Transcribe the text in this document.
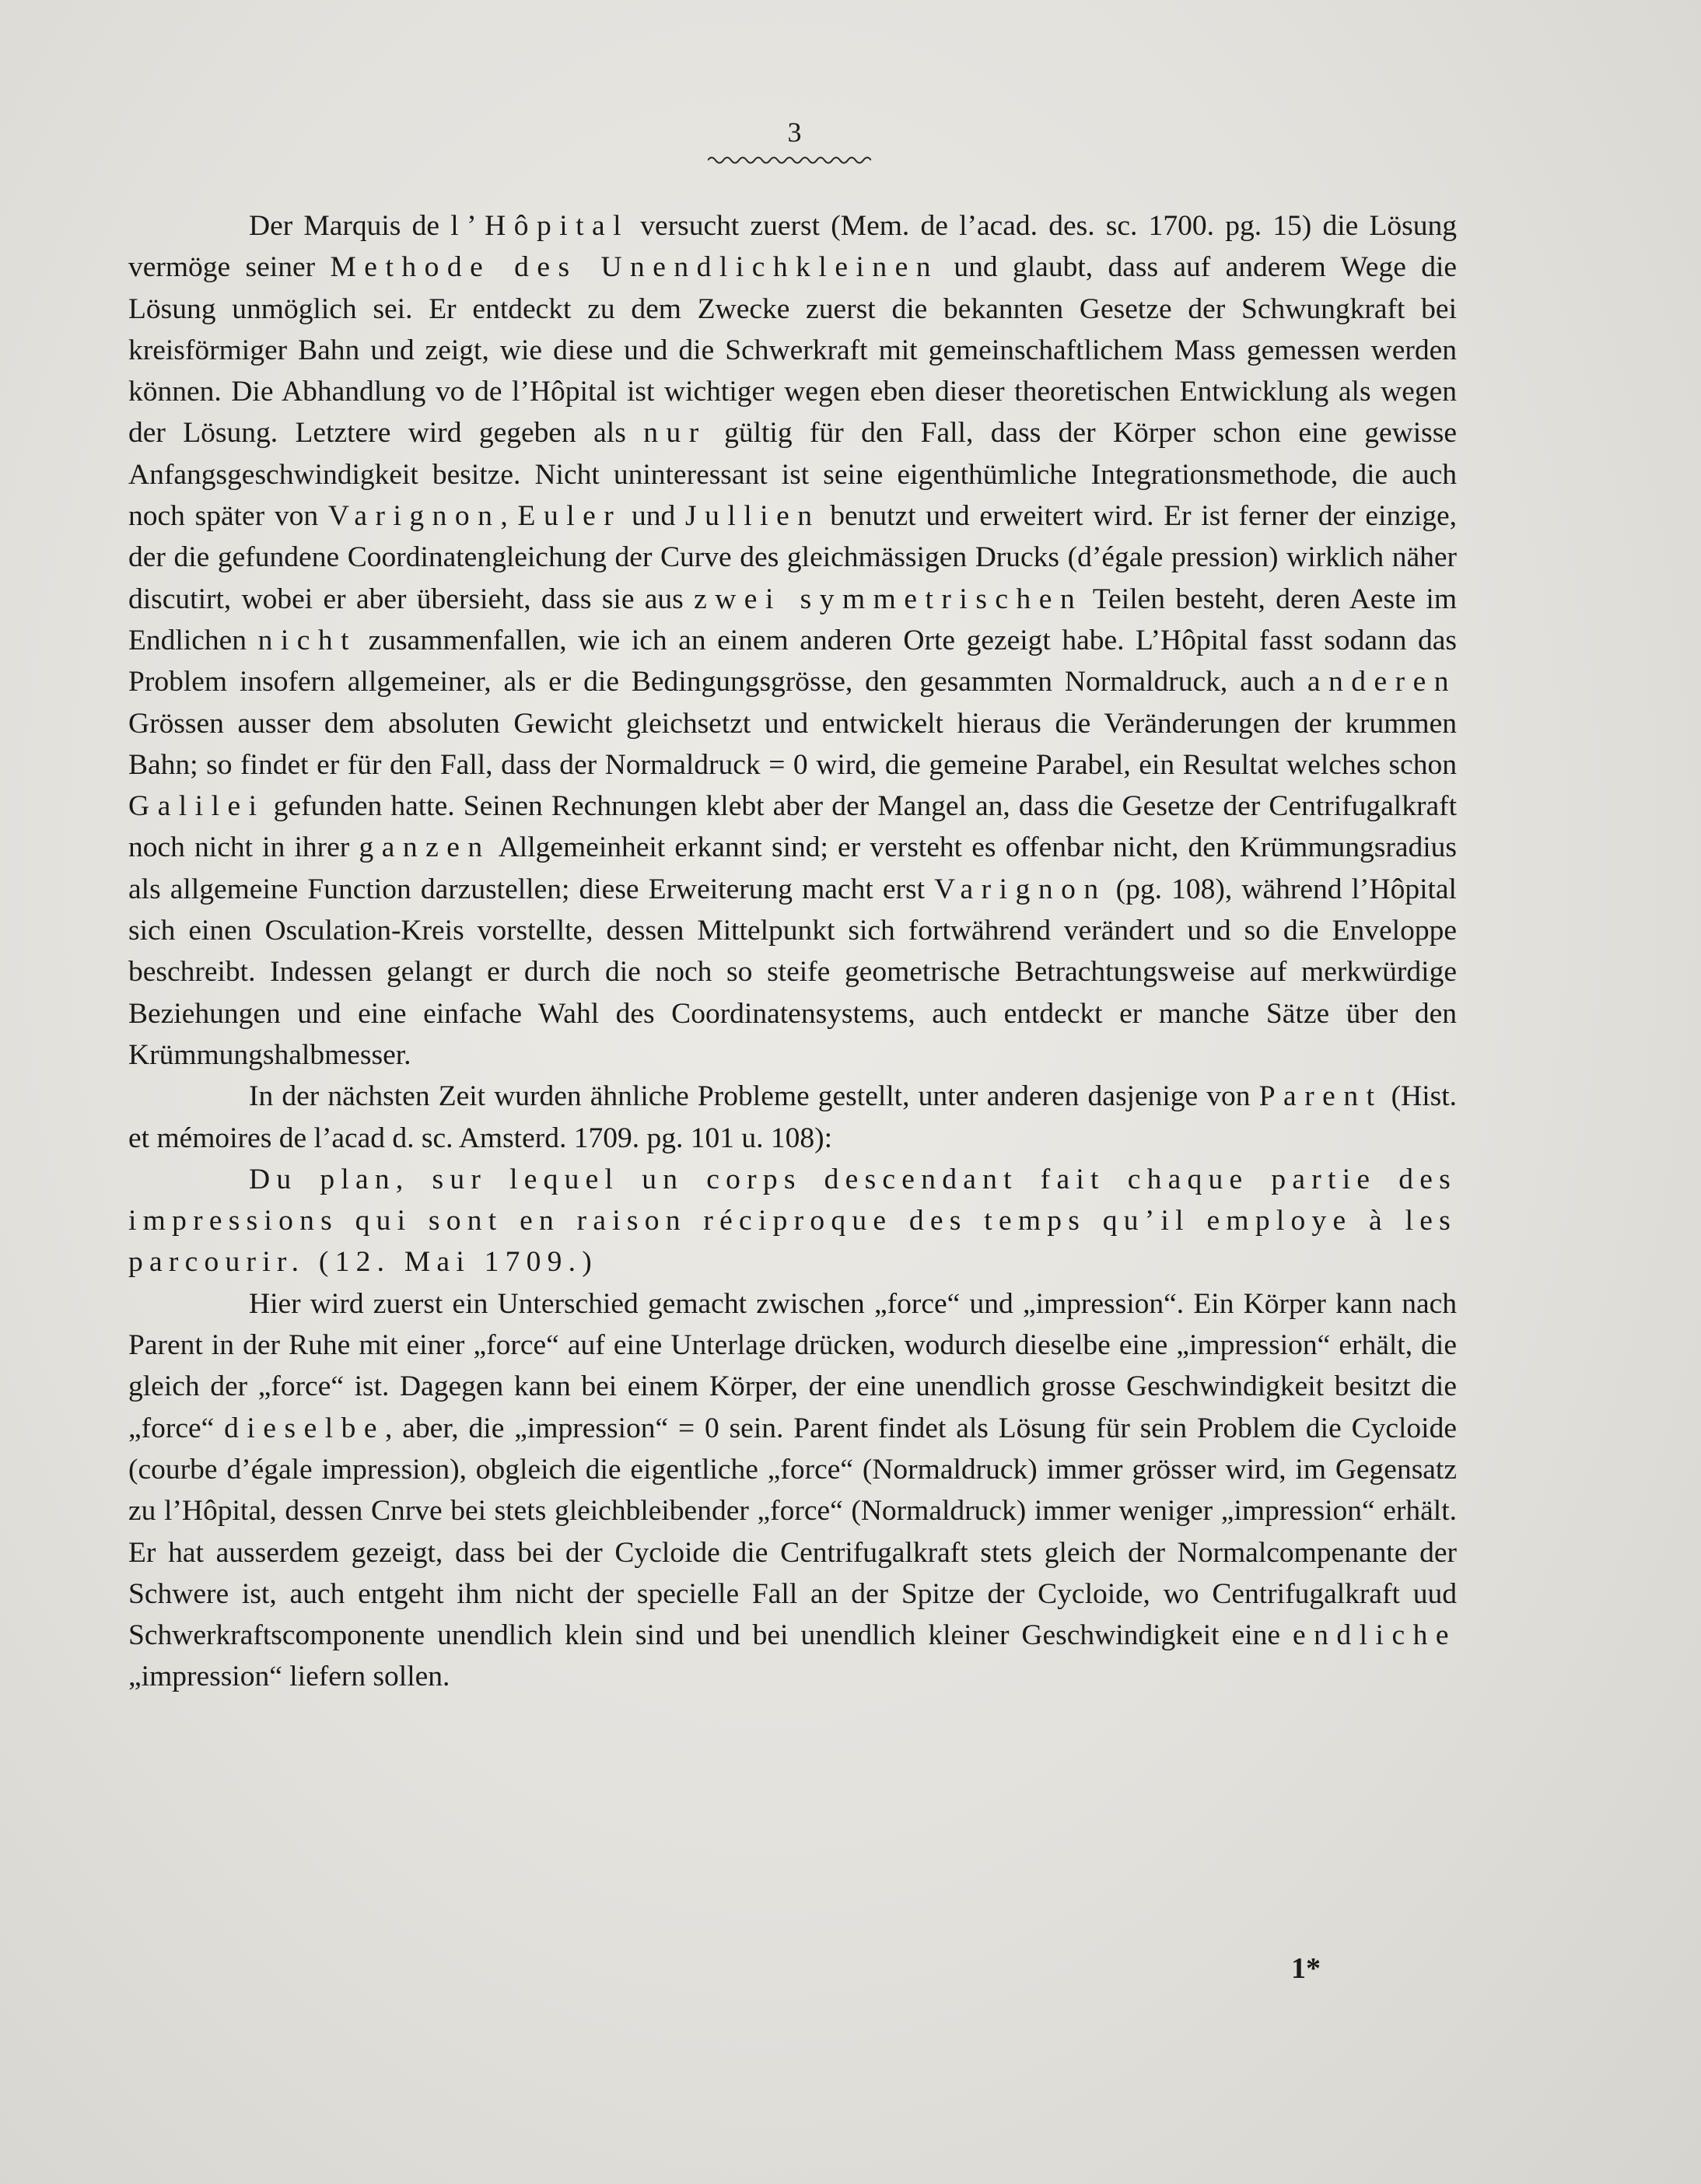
3

Der Marquis de l’Hôpital versucht zuerst (Mem. de l’acad. des. sc. 1700. pg. 15) die Lösung vermöge seiner Methode des Unendlichkleinen und glaubt, dass auf anderem Wege die Lösung unmöglich sei. Er entdeckt zu dem Zwecke zuerst die bekannten Gesetze der Schwungkraft bei kreisförmiger Bahn und zeigt, wie diese und die Schwerkraft mit gemeinschaftlichem Mass gemessen werden können. Die Abhandlung vo de l’Hôpital ist wichtiger wegen eben dieser theoretischen Entwicklung als wegen der Lösung. Letztere wird gegeben als nur gültig für den Fall, dass der Körper schon eine gewisse Anfangsgeschwindigkeit besitze. Nicht uninteressant ist seine eigenthümliche Integrationsmethode, die auch noch später von Varignon, Euler und Jullien benutzt und erweitert wird. Er ist ferner der einzige, der die gefundene Coordinatengleichung der Curve des gleichmässigen Drucks (d’égale pression) wirklich näher discutirt, wobei er aber übersieht, dass sie aus zwei symmetrischen Teilen besteht, deren Aeste im Endlichen nicht zusammenfallen, wie ich an einem anderen Orte gezeigt habe. L’Hôpital fasst sodann das Problem insofern allgemeiner, als er die Bedingungsgrösse, den gesammten Normaldruck, auch anderen Grössen ausser dem absoluten Gewicht gleichsetzt und entwickelt hieraus die Veränderungen der krummen Bahn; so findet er für den Fall, dass der Normaldruck = 0 wird, die gemeine Parabel, ein Resultat welches schon Galilei gefunden hatte. Seinen Rechnungen klebt aber der Mangel an, dass die Gesetze der Centrifugalkraft noch nicht in ihrer ganzen Allgemeinheit erkannt sind; er versteht es offenbar nicht, den Krümmungsradius als allgemeine Function darzustellen; diese Erweiterung macht erst Varignon (pg. 108), während l’Hôpital sich einen Osculation-Kreis vorstellte, dessen Mittelpunkt sich fortwährend verändert und so die Enveloppe beschreibt. Indessen gelangt er durch die noch so steife geometrische Betrachtungsweise auf merkwürdige Beziehungen und eine einfache Wahl des Coordinatensystems, auch entdeckt er manche Sätze über den Krümmungshalbmesser.

In der nächsten Zeit wurden ähnliche Probleme gestellt, unter anderen dasjenige von Parent (Hist. et mémoires de l’acad d. sc. Amsterd. 1709. pg. 101 u. 108):

Du plan, sur lequel un corps descendant fait chaque partie des impressions qui sont en raison réciproque des temps qu’il employe à les parcourir. (12. Mai 1709.)

Hier wird zuerst ein Unterschied gemacht zwischen „force“ und „impression“. Ein Körper kann nach Parent in der Ruhe mit einer „force“ auf eine Unterlage drücken, wodurch dieselbe eine „impression“ erhält, die gleich der „force“ ist. Dagegen kann bei einem Körper, der eine unendlich grosse Geschwindigkeit besitzt die „force“ dieselbe, aber, die „impression“ = 0 sein. Parent findet als Lösung für sein Problem die Cycloide (courbe d’égale impression), obgleich die eigentliche „force“ (Normaldruck) immer grösser wird, im Gegensatz zu l’Hôpital, dessen Cnrve bei stets gleichbleibender „force“ (Normaldruck) immer weniger „impression“ erhält. Er hat ausserdem gezeigt, dass bei der Cycloide die Centrifugalkraft stets gleich der Normalcompenante der Schwere ist, auch entgeht ihm nicht der specielle Fall an der Spitze der Cycloide, wo Centrifugalkraft uud Schwerkraftscomponente unendlich klein sind und bei unendlich kleiner Geschwindigkeit eine endliche „impression“ liefern sollen.

1*
